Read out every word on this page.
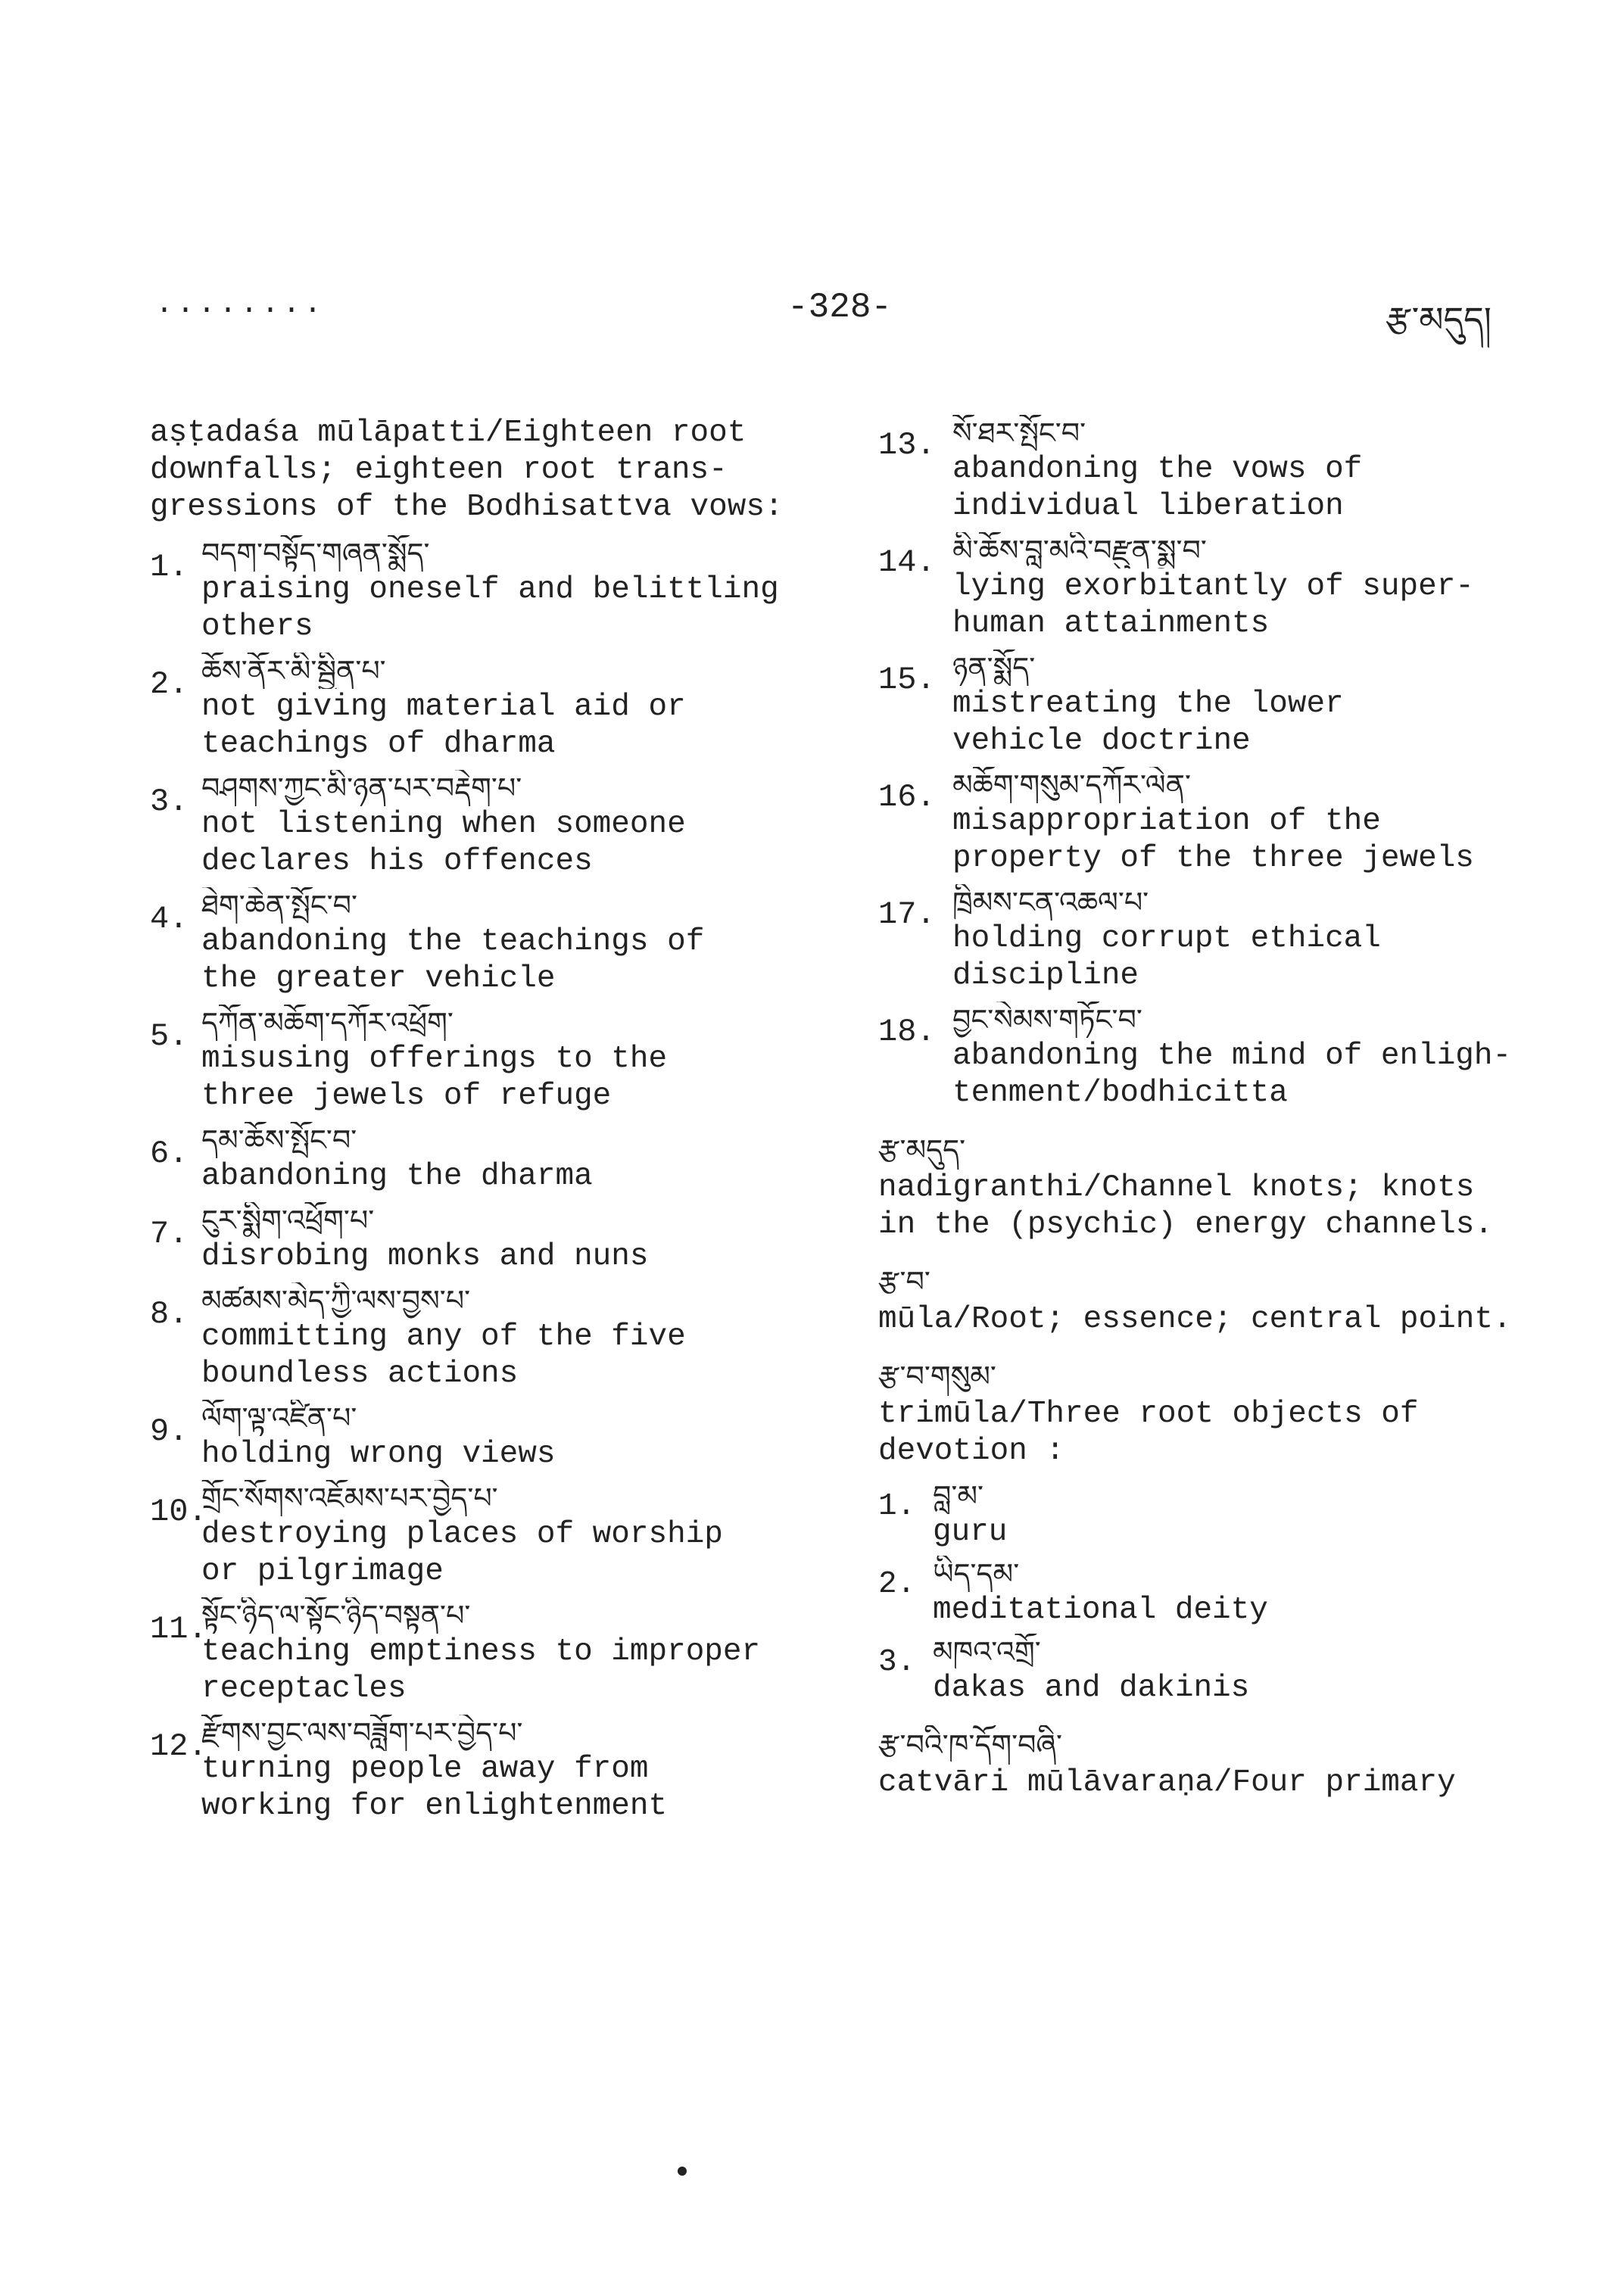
........	-328-	རྩ་མདུད།
aṣṭadaśa mūlāpatti/Eighteen root
downfalls; eighteen root trans-
gressions of the Bodhisattva vows:
1. བདག་བསྟོད་གཞན་སྨོད་
praising oneself and belittling
others
2. ཆོས་ནོར་མི་སྦྱིན་པ་
not giving material aid or
teachings of dharma
3. བཤགས་ཀྱང་མི་ཉན་པར་བརྡེག་པ་
not listening when someone
declares his offences
4. ཐེག་ཆེན་སྤོང་བ་
abandoning the teachings of
the greater vehicle
5. དཀོན་མཆོག་དཀོར་འཕྲོག་
misusing offerings to the
three jewels of refuge
6. དམ་ཆོས་སྤོང་བ་
abandoning the dharma
7. ངུར་སྨིག་འཕྲོག་པ་
disrobing monks and nuns
8. མཚམས་མེད་ཀྱི་ལས་བྱས་པ་
committing any of the five
boundless actions
9. ལོག་ལྟ་འཛིན་པ་
holding wrong views
10.
གྲོང་སོགས་འཇོམས་པར་བྱེད་པ་
destroying places of worship
or pilgrimage
11.
སྟོང་ཉིད་ལ་སྟོང་ཉིད་བསྟན་པ་
teaching emptiness to improper
receptacles
12.
རྫོགས་བྱང་ལས་བཟློག་པར་བྱེད་པ་
turning people away from
working for enlightenment
13. སོ་ཐར་སྤོང་བ་
abandoning the vows of
individual liberation
14. མི་ཆོས་བླ་མའི་བརྫུན་སྨྲ་བ་
lying exorbitantly of super-
human attainments
15. ཉན་སྨོད་
mistreating the lower
vehicle doctrine
16. མཆོག་གསུམ་དཀོར་ལེན་
misappropriation of the
property of the three jewels
17. ཁྲིམས་ངན་འཆལ་པ་
holding corrupt ethical
discipline
18. བྱང་སེམས་གཏོང་བ་
abandoning the mind of enligh-
tenment/bodhicitta
རྩ་མདུད་
nadigranthi/Channel knots; knots
in the (psychic) energy channels.
རྩ་བ་
mūla/Root; essence; central point.
རྩ་བ་གསུམ་
trimūla/Three root objects of
devotion :
1. བླ་མ་
guru
2. ཡིད་དམ་
meditational deity
3. མཁའ་འགྲོ་
dakas and dakinis
རྩ་བའི་ཁ་དོག་བཞི་
catvāri mūlāvaraṇa/Four primary
